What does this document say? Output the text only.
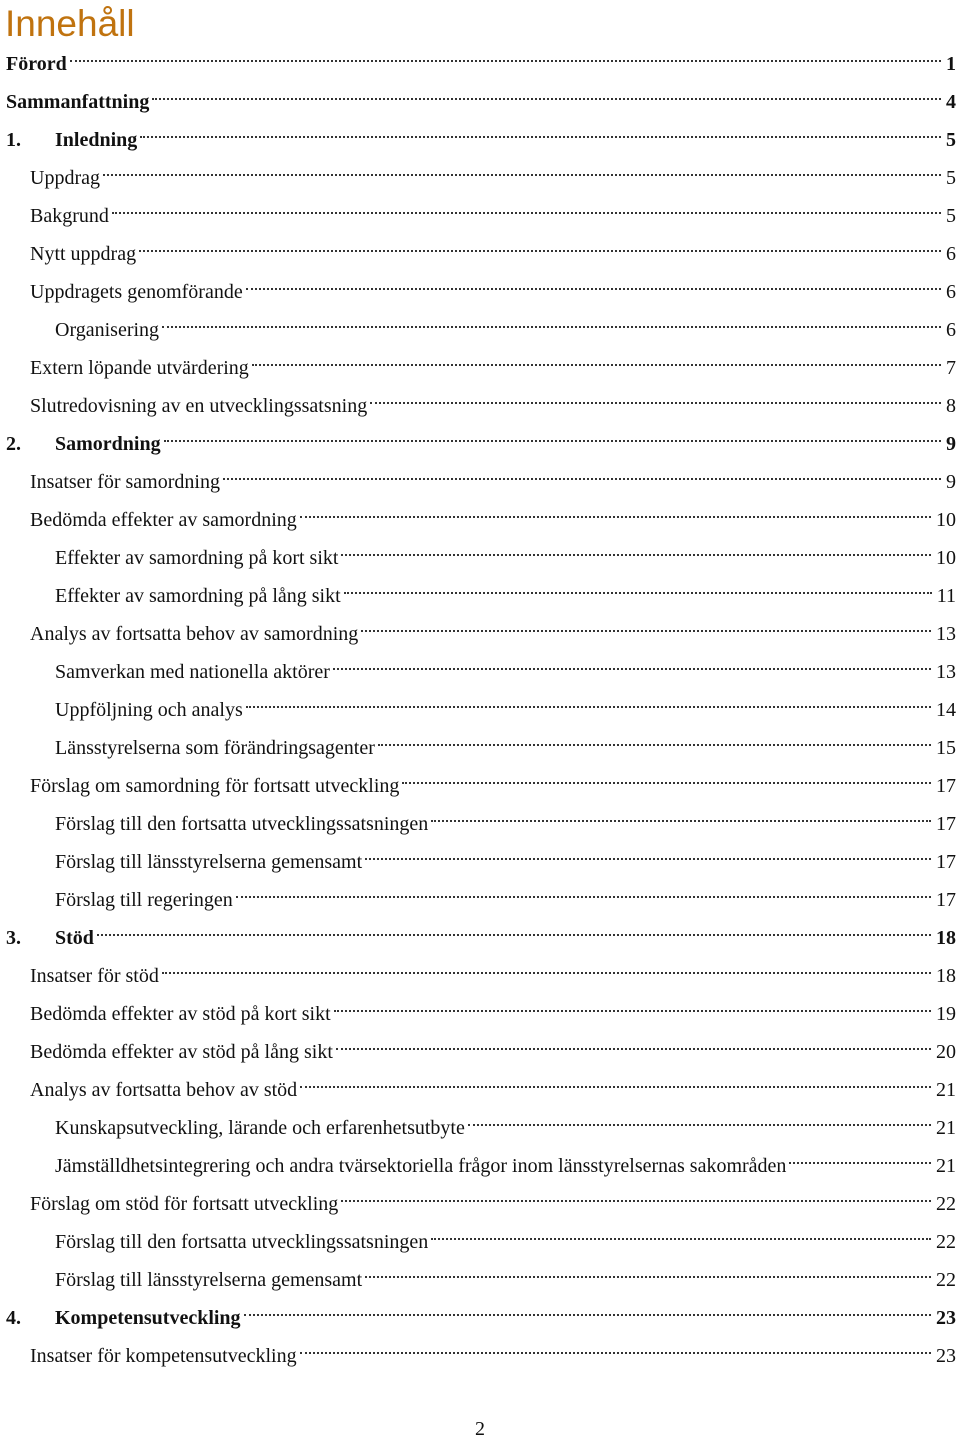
Innehåll
Förord	1
Sammanfattning	4
1. Inledning	5
Uppdrag	5
Bakgrund	5
Nytt uppdrag	6
Uppdragets genomförande	6
Organisering	6
Extern löpande utvärdering	7
Slutredovisning av en utvecklingssatsning	8
2. Samordning	9
Insatser för samordning	9
Bedömda effekter av samordning	10
Effekter av samordning på kort sikt	10
Effekter av samordning på lång sikt	11
Analys av fortsatta behov av samordning	13
Samverkan med nationella aktörer	13
Uppföljning och analys	14
Länsstyrelserna som förändringsagenter	15
Förslag om samordning för fortsatt utveckling	17
Förslag till den fortsatta utvecklingssatsningen	17
Förslag till länsstyrelserna gemensamt	17
Förslag till regeringen	17
3. Stöd	18
Insatser för stöd	18
Bedömda effekter av stöd på kort sikt	19
Bedömda effekter av stöd på lång sikt	20
Analys av fortsatta behov av stöd	21
Kunskapsutveckling, lärande och erfarenhetsutbyte	21
Jämställdhetsintegrering och andra tvärsektoriella frågor inom länsstyrelsernas sakområden	21
Förslag om stöd för fortsatt utveckling	22
Förslag till den fortsatta utvecklingssatsningen	22
Förslag till länsstyrelserna gemensamt	22
4. Kompetensutveckling	23
Insatser för kompetensutveckling	23
2
